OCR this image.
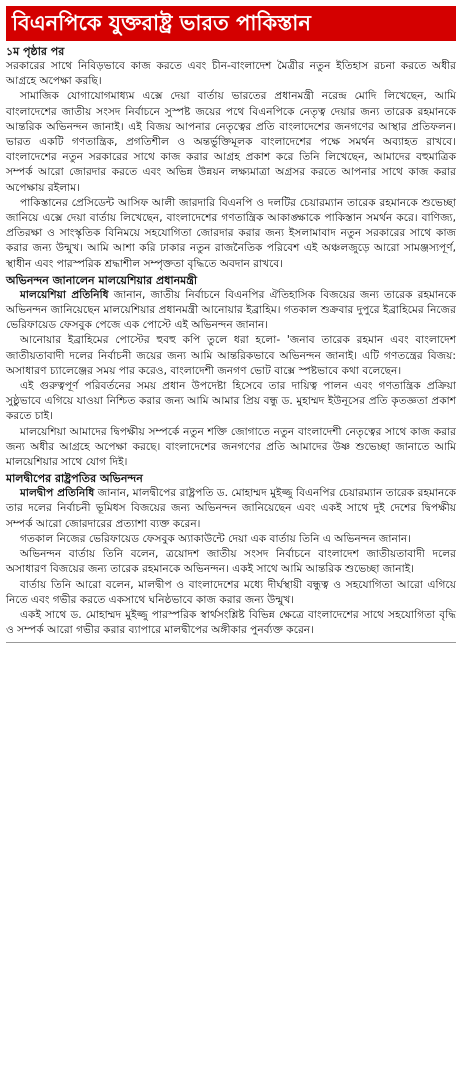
বিএনপিকে যুক্তরাষ্ট্র ভারত পাকিস্তান

১ম পৃষ্ঠার পর

সরকারের সাথে নিবিড়ভাবে কাজ করতে এবং চীন-বাংলাদেশ মৈত্রীর নতুন ইতিহাস রচনা করতে অধীর আগ্রহে অপেক্ষা করছি।

সামাজিক যোগাযোগমাধ্যম এক্সে দেয়া বার্তায় ভারতের প্রধানমন্ত্রী নরেন্দ্র মোদি লিখেছেন, আমি বাংলাদেশের জাতীয় সংসদ নির্বাচনে সুস্পষ্ট জয়ের পথে বিএনপিকে নেতৃত্ব দেয়ার জন্য তারেক রহমানকে আন্তরিক অভিনন্দন জানাই। এই বিজয় আপনার নেতৃত্বের প্রতি বাংলাদেশের জনগণের আস্থার প্রতিফলন। ভারত একটি গণতান্ত্রিক, প্রগতিশীল ও অন্তর্ভুক্তিমূলক বাংলাদেশের পক্ষে সমর্থন অব্যাহত রাখবে। বাংলাদেশের নতুন সরকারের সাথে কাজ করার আগ্রহ প্রকাশ করে তিনি লিখেছেন, আমাদের বহুমাত্রিক সম্পর্ক আরো জোরদার করতে এবং অভিন্ন উন্নয়ন লক্ষ্যমাত্রা অগ্রসর করতে আপনার সাথে কাজ করার অপেক্ষায় রইলাম।

পাকিস্তানের প্রেসিডেন্ট আসিফ আলী জারদারি বিএনপি ও দলটির চেয়ারম্যান তারেক রহমানকে শুভেচ্ছা জানিয়ে এক্সে দেয়া বার্তায় লিখেছেন, বাংলাদেশের গণতান্ত্রিক আকাঙ্ক্ষাকে পাকিস্তান সমর্থন করে। বাণিজ্য, প্রতিরক্ষা ও সাংস্কৃতিক বিনিময়ে সহযোগিতা জোরদার করার জন্য ইসলামাবাদ নতুন সরকারের সাথে কাজ করার জন্য উন্মুখ। আমি আশা করি ঢাকার নতুন রাজনৈতিক পরিবেশ এই অঞ্চলজুড়ে আরো সামঞ্জস্যপূর্ণ, স্থাধীন এবং পারস্পরিক শ্রদ্ধাশীল সম্পৃক্ততা বৃদ্ধিতে অবদান রাখবে।

অভিনন্দন জানালেন মালয়েশিয়ার প্রধানমন্ত্রী

মালয়েশিয়া প্রতিনিধি জানান, জাতীয় নির্বাচনে বিএনপির ঐতিহাসিক বিজয়ের জন্য তারেক রহমানকে অভিনন্দন জানিয়েছেন মালয়েশিয়ার প্রধানমন্ত্রী আনোয়ার ইব্রাহিম। গতকাল শুক্রবার দুপুরে ইব্রাহিমের নিজের ভেরিফায়েড ফেসবুক পেজে এক পোস্টে এই অভিনন্দন জানান।

আনোয়ার ইব্রাহিমের পোস্টের হুবহু কপি তুলে ধরা হলো- 'জনাব তারেক রহমান এবং বাংলাদেশ জাতীয়তাবাদী দলের নির্বাচনী জয়ের জন্য আমি আন্তরিকভাবে অভিনন্দন জানাই। এটি গণতন্ত্রের বিজয়: অসাধারণ চ্যালেঞ্জের সময় পার করেও, বাংলাদেশী জনগণ ভোট বাক্সে স্পষ্টভাবে কথা বলেছেন।

এই গুরুত্বপূর্ণ পরিবর্তনের সময় প্রধান উপদেষ্টা হিসেবে তার দায়িত্ব পালন এবং গণতান্ত্রিক প্রক্রিয়া সুষ্ঠুভাবে এগিয়ে যাওয়া নিশ্চিত করার জন্য আমি আমার প্রিয় বন্ধু ড. মুহাম্মদ ইউনূসের প্রতি কৃতজ্ঞতা প্রকাশ করতে চাই।

মালয়েশিয়া আমাদের দ্বিপক্ষীয় সম্পর্কে নতুন শক্তি জোগাতে নতুন বাংলাদেশী নেতৃত্বের সাথে কাজ করার জন্য অধীর আগ্রহে অপেক্ষা করছে। বাংলাদেশের জনগণের প্রতি আমাদের উষ্ণ শুভেচ্ছা জানাতে আমি মালয়েশিয়ার সাথে যোগ দিই।

মালদ্বীপের রাষ্ট্রপতির অভিনন্দন

মালদ্বীপ প্রতিনিধি জানান, মালদ্বীপের রাষ্ট্রপতি ড. মোহাম্মদ মুইজ্জু বিএনপির চেয়ারম্যান তারেক রহমানকে তার দলের নির্বাচনী ভূমিধস বিজয়ের জন্য অভিনন্দন জানিয়েছেন এবং একই সাথে দুই দেশের দ্বিপক্ষীয় সম্পর্ক আরো জোরদারের প্রত্যাশা ব্যক্ত করেন।

গতকাল নিজের ভেরিফায়েড ফেসবুক অ্যাকাউন্টে দেয়া এক বার্তায় তিনি এ অভিনন্দন জানান।

অভিনন্দন বার্তায় তিনি বলেন, ত্রয়োদশ জাতীয় সংসদ নির্বাচনে বাংলাদেশ জাতীয়তাবাদী দলের অসাধারণ বিজয়ের জন্য তারেক রহমানকে অভিনন্দন। একই সাথে আমি আন্তরিক শুভেচ্ছা জানাই।

বার্তায় তিনি আরো বলেন, মালদ্বীপ ও বাংলাদেশের মধ্যে দীর্ঘস্থায়ী বন্ধুত্ব ও সহযোগিতা আরো এগিয়ে নিতে এবং গভীর করতে একসাথে ঘনিষ্ঠভাবে কাজ করার জন্য উন্মুখ।

একই সাথে ড. মোহাম্মদ মুইজ্জু পারস্পরিক স্বার্থসংশ্লিষ্ট বিভিন্ন ক্ষেত্রে বাংলাদেশের সাথে সহযোগিতা বৃদ্ধি ও সম্পর্ক আরো গভীর করার ব্যাপারে মালদ্বীপের অঙ্গীকার পুনর্ব্যক্ত করেন।
